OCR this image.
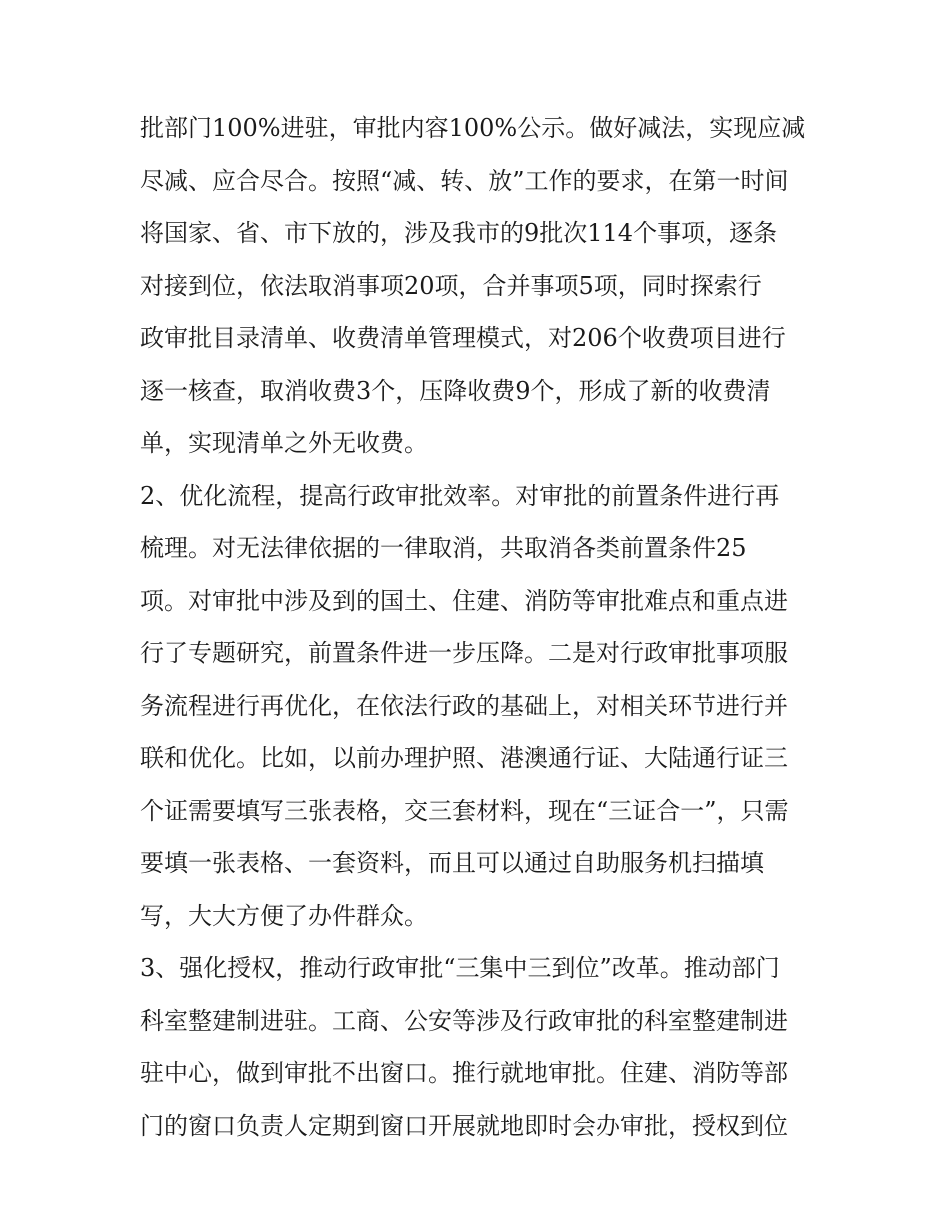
批部门100%进驻，审批内容100%公示。做好减法，实现应减
尽减、应合尽合。按照“减、转、放”工作的要求，在第一时间
将国家、省、市下放的，涉及我市的9批次114个事项，逐条
对接到位，依法取消事项20项，合并事项5项，同时探索行
政审批目录清单、收费清单管理模式，对206个收费项目进行
逐一核查，取消收费3个，压降收费9个，形成了新的收费清
单，实现清单之外无收费。
2、优化流程，提高行政审批效率。对审批的前置条件进行再
梳理。对无法律依据的一律取消，共取消各类前置条件25
项。对审批中涉及到的国土、住建、消防等审批难点和重点进
行了专题研究，前置条件进一步压降。二是对行政审批事项服
务流程进行再优化，在依法行政的基础上，对相关环节进行并
联和优化。比如，以前办理护照、港澳通行证、大陆通行证三
个证需要填写三张表格，交三套材料，现在“三证合一”，只需
要填一张表格、一套资料，而且可以通过自助服务机扫描填
写，大大方便了办件群众。
3、强化授权，推动行政审批“三集中三到位”改革。推动部门
科室整建制进驻。工商、公安等涉及行政审批的科室整建制进
驻中心，做到审批不出窗口。推行就地审批。住建、消防等部
门的窗口负责人定期到窗口开展就地即时会办审批，授权到位
